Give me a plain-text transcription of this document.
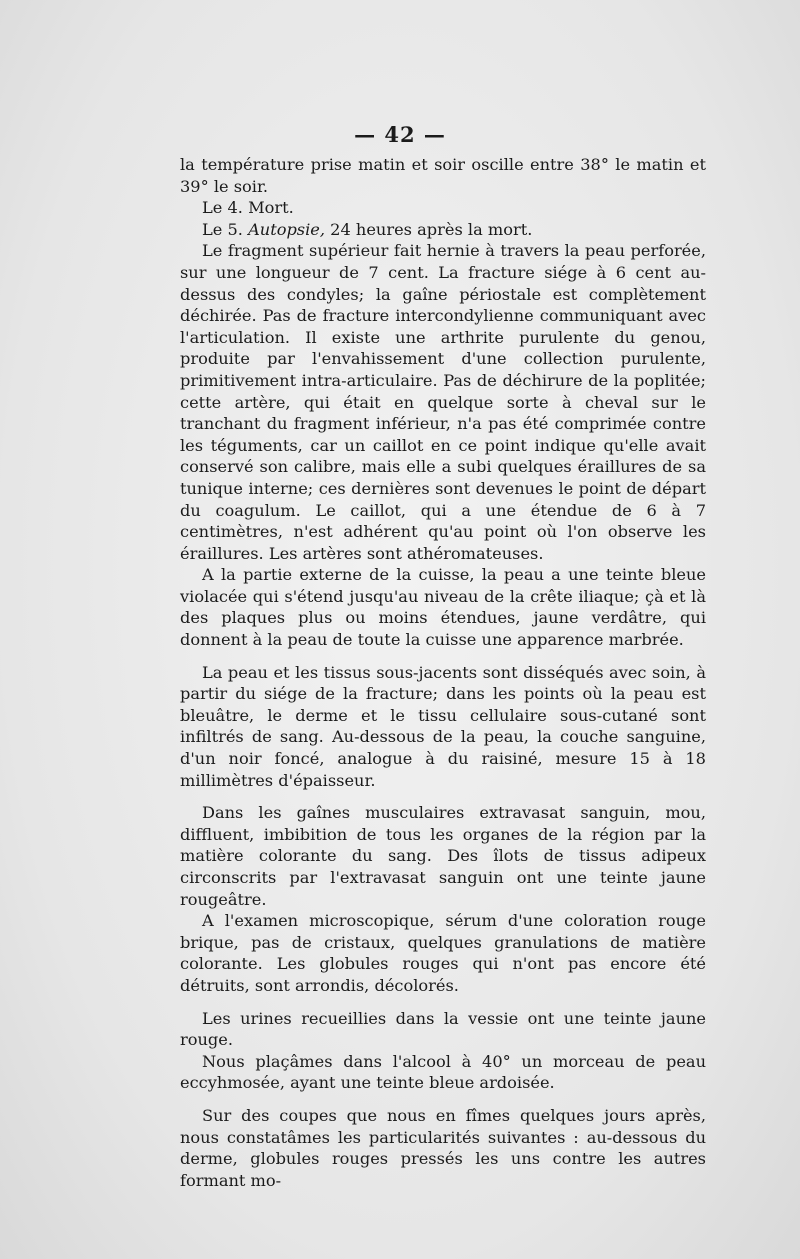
— 42 —

la température prise matin et soir oscille entre 38° le matin et 39° le soir.

Le 4. Mort.

Le 5. Autopsie, 24 heures après la mort.

Le fragment supérieur fait hernie à travers la peau perforée, sur une longueur de 7 cent. La fracture siége à 6 cent au-dessus des condyles; la gaîne périostale est complètement déchirée. Pas de fracture intercondylienne communiquant avec l'articulation. Il existe une arthrite purulente du genou, produite par l'envahissement d'une collection purulente, primitivement intra-articulaire. Pas de déchirure de la poplitée; cette artère, qui était en quelque sorte à cheval sur le tranchant du fragment inférieur, n'a pas été comprimée contre les téguments, car un caillot en ce point indique qu'elle avait conservé son calibre, mais elle a subi quelques éraillures de sa tunique interne; ces dernières sont devenues le point de départ du coagulum. Le caillot, qui a une étendue de 6 à 7 centimètres, n'est adhérent qu'au point où l'on observe les éraillures. Les artères sont athéromateuses.

A la partie externe de la cuisse, la peau a une teinte bleue violacée qui s'étend jusqu'au niveau de la crête iliaque; çà et là des plaques plus ou moins étendues, jaune verdâtre, qui donnent à la peau de toute la cuisse une apparence marbrée.

La peau et les tissus sous-jacents sont disséqués avec soin, à partir du siége de la fracture; dans les points où la peau est bleuâtre, le derme et le tissu cellulaire sous-cutané sont infiltrés de sang. Au-dessous de la peau, la couche sanguine, d'un noir foncé, analogue à du raisiné, mesure 15 à 18 millimètres d'épaisseur.

Dans les gaînes musculaires extravasat sanguin, mou, diffluent, imbibition de tous les organes de la région par la matière colorante du sang. Des îlots de tissus adipeux circonscrits par l'extravasat sanguin ont une teinte jaune rougeâtre.

A l'examen microscopique, sérum d'une coloration rouge brique, pas de cristaux, quelques granulations de matière colorante. Les globules rouges qui n'ont pas encore été détruits, sont arrondis, décolorés.

Les urines recueillies dans la vessie ont une teinte jaune rouge.

Nous plaçâmes dans l'alcool à 40° un morceau de peau eccyhmosée, ayant une teinte bleue ardoisée.

Sur des coupes que nous en fîmes quelques jours après, nous constatâmes les particularités suivantes : au-dessous du derme, globules rouges pressés les uns contre les autres formant mo-
